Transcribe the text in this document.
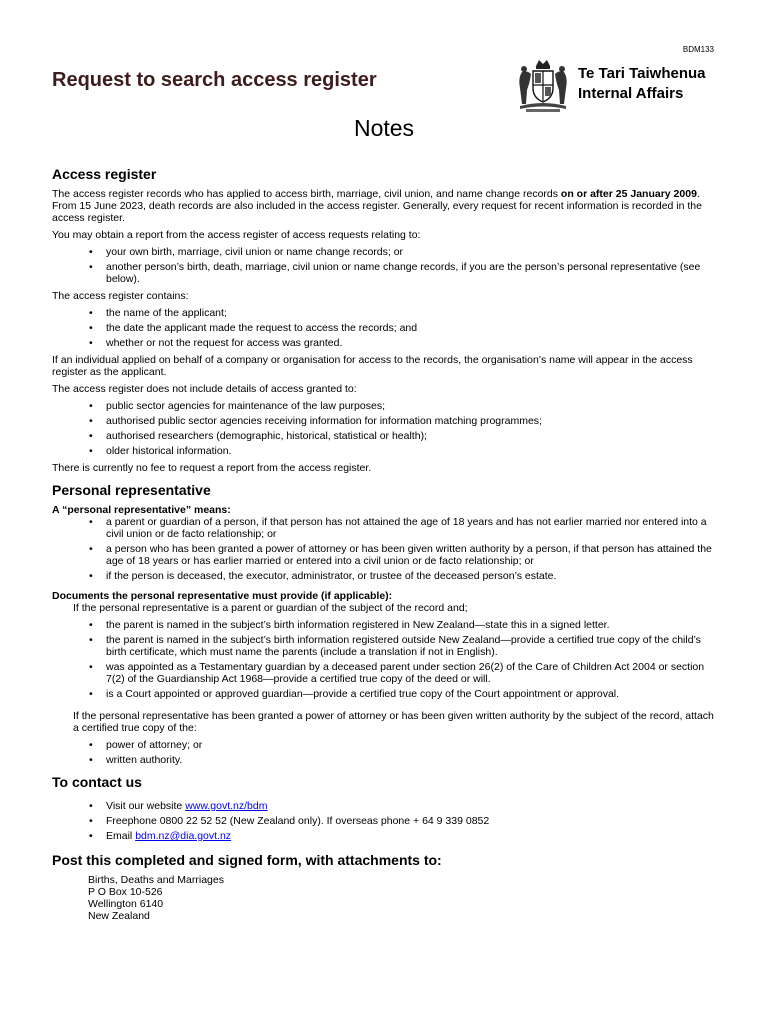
BDM133
Request to search access register	Te Tari Taiwhenua
Internal Affairs
Notes
Access register

The access register records who has applied to access birth, marriage, civil union, and name change records on or after 25 January 2009. From 15 June 2023, death records are also included in the access register. Generally, every request for recent information is recorded in the access register.

You may obtain a report from the access register of access requests relating to:

• your own birth, marriage, civil union or name change records; or
• another person’s birth, death, marriage, civil union or name change records, if you are the person’s personal representative (see below).

The access register contains:

• the name of the applicant;
• the date the applicant made the request to access the records; and
• whether or not the request for access was granted.

If an individual applied on behalf of a company or organisation for access to the records, the organisation’s name will appear in the access register as the applicant.

The access register does not include details of access granted to:

• public sector agencies for maintenance of the law purposes;
• authorised public sector agencies receiving information for information matching programmes;
• authorised researchers (demographic, historical, statistical or health);
• older historical information.

There is currently no fee to request a report from the access register.

Personal representative

A “personal representative” means:

• a parent or guardian of a person, if that person has not attained the age of 18 years and has not earlier married nor entered into a civil union or de facto relationship; or
• a person who has been granted a power of attorney or has been given written authority by a person, if that person has attained the age of 18 years or has earlier married or entered into a civil union or de facto relationship; or
• if the person is deceased, the executor, administrator, or trustee of the deceased person’s estate.

Documents the personal representative must provide (if applicable):

If the personal representative is a parent or guardian of the subject of the record and;

• the parent is named in the subject’s birth information registered in New Zealand—state this in a signed letter.
• the parent is named in the subject’s birth information registered outside New Zealand—provide a certified true copy of the child’s birth certificate, which must name the parents (include a translation if not in English).
• was appointed as a Testamentary guardian by a deceased parent under section 26(2) of the Care of Children Act 2004 or section 7(2) of the Guardianship Act 1968—provide a certified true copy of the deed or will.
• is a Court appointed or approved guardian—provide a certified true copy of the Court appointment or approval.

If the personal representative has been granted a power of attorney or has been given written authority by the subject of the record, attach a certified true copy of the:

• power of attorney; or
• written authority.
To contact us
• Visit our website www.govt.nz/bdm
• Freephone 0800 22 52 52 (New Zealand only). If overseas phone + 64 9 339 0852
• Email bdm.nz@dia.govt.nz
Post this completed and signed form, with attachments to:
Births, Deaths and Marriages
P O Box 10-526
Wellington 6140
New Zealand
